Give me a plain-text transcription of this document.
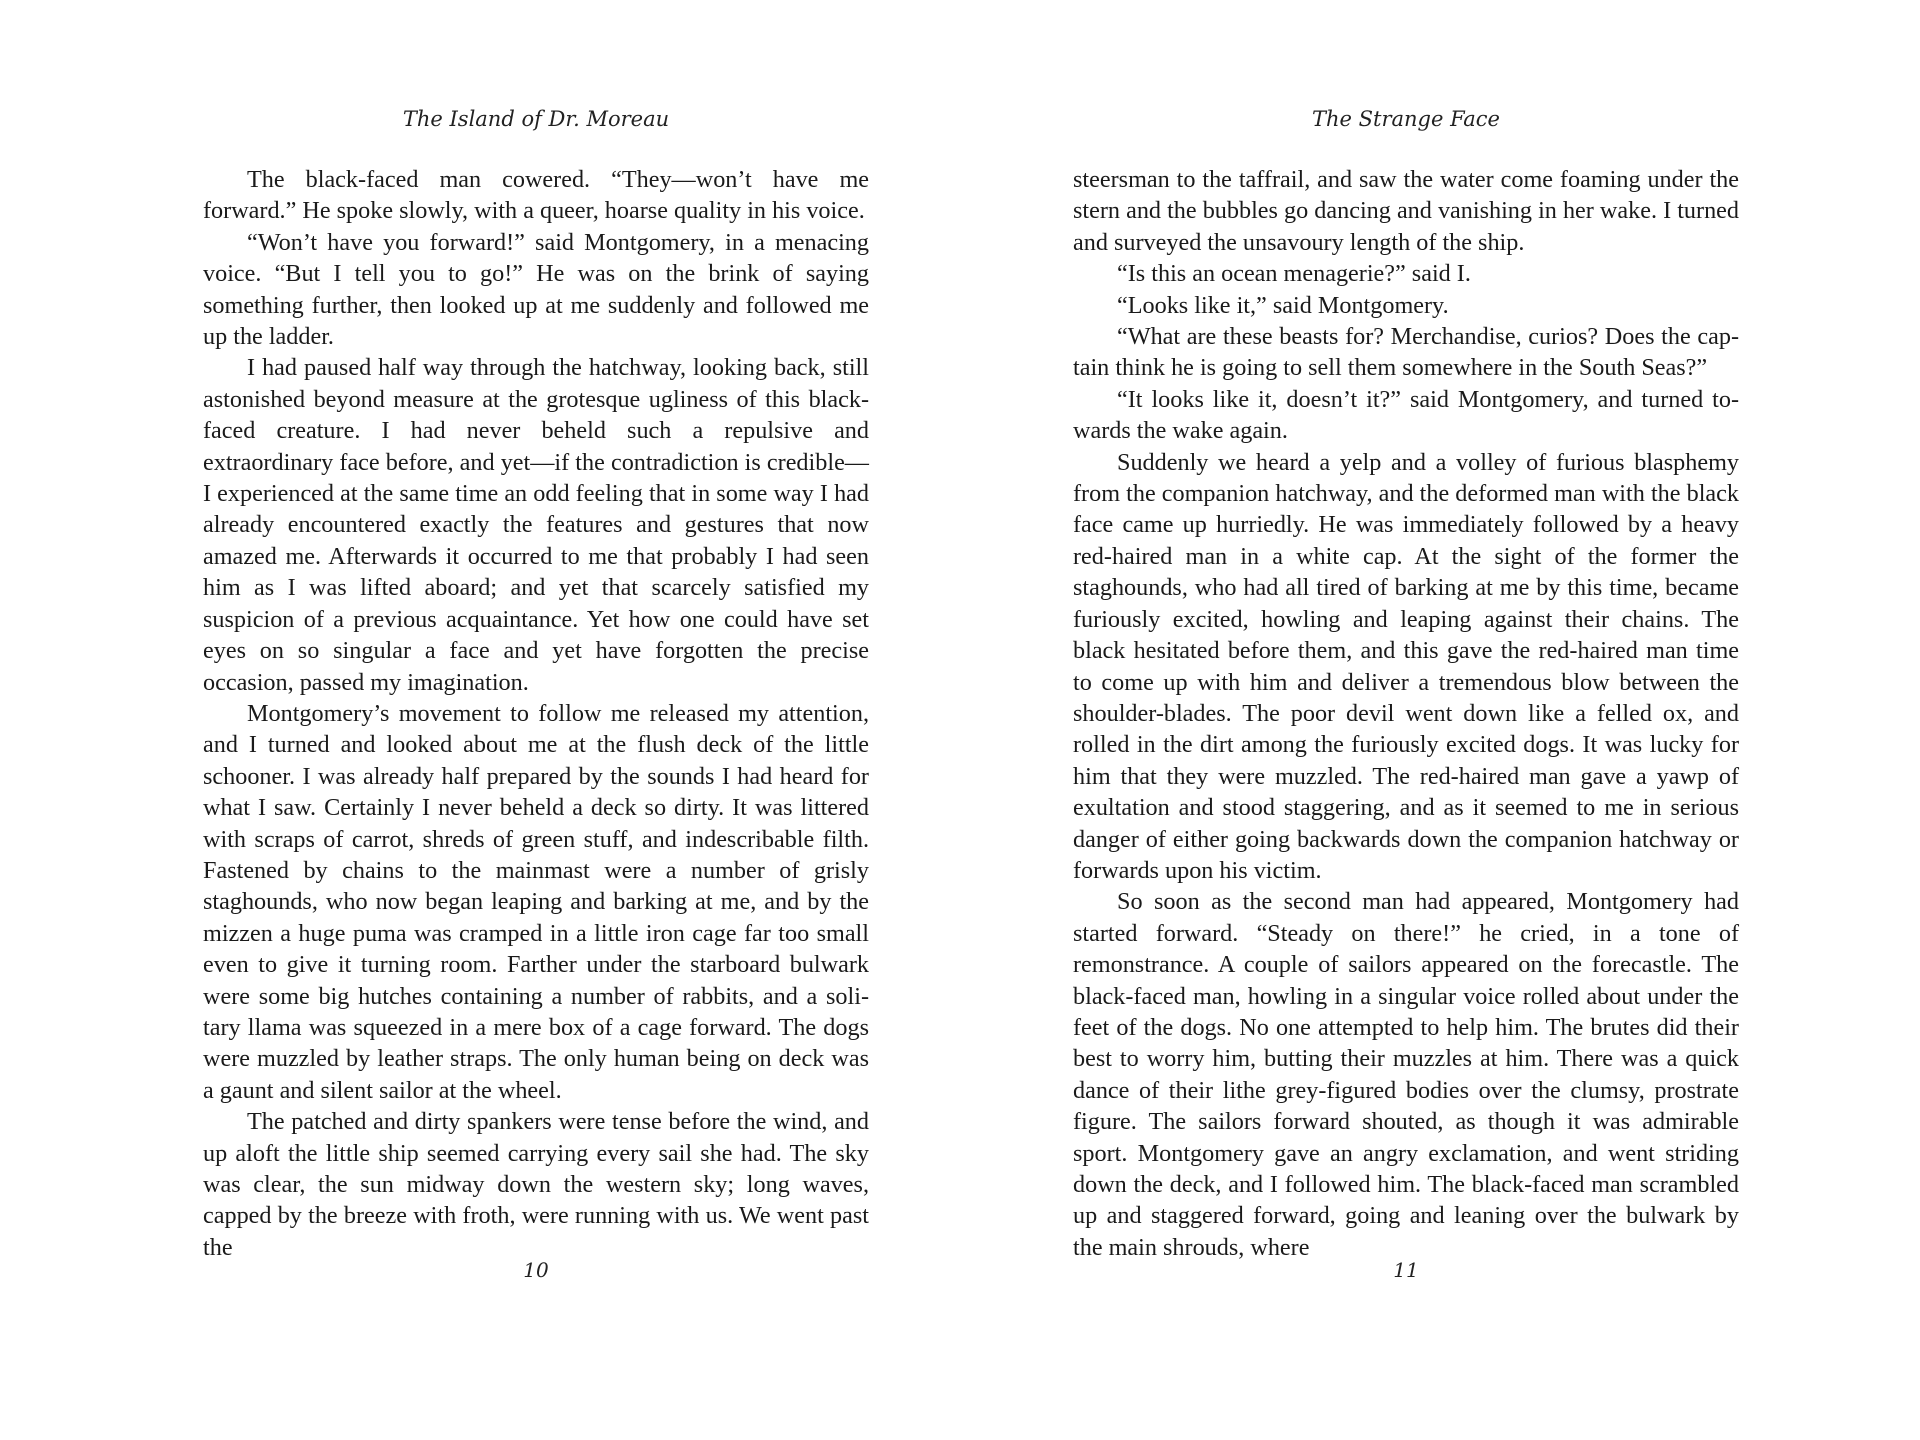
The Island of Dr. Moreau

The black-faced man cowered. “They—won’t have me forward.” He spoke slowly, with a queer, hoarse quality in his voice.

“Won’t have you forward!” said Montgomery, in a menacing voice. “But I tell you to go!” He was on the brink of saying something further, then looked up at me suddenly and followed me up the ladder.

I had paused half way through the hatchway, looking back, still astonished beyond measure at the grotesque ugliness of this black-faced creature. I had never beheld such a repulsive and extraordinary face before, and yet—if the contradiction is credible—I experienced at the same time an odd feeling that in some way I had already encountered exactly the features and gestures that now amazed me. Afterwards it occurred to me that probably I had seen him as I was lifted aboard; and yet that scarcely satisfied my suspicion of a previous acquaintance. Yet how one could have set eyes on so singular a face and yet have forgotten the precise occasion, passed my imagination.

Montgomery’s movement to follow me released my attention, and I turned and looked about me at the flush deck of the little schooner. I was already half prepared by the sounds I had heard for what I saw. Certainly I never beheld a deck so dirty. It was littered with scraps of carrot, shreds of green stuff, and indescribable filth. Fastened by chains to the mainmast were a number of grisly staghounds, who now began leaping and barking at me, and by the mizzen a huge puma was cramped in a little iron cage far too small even to give it turning room. Farther under the starboard bulwark were some big hutches containing a number of rabbits, and a solitary llama was squeezed in a mere box of a cage forward. The dogs were muzzled by leather straps. The only human being on deck was a gaunt and silent sailor at the wheel.

The patched and dirty spankers were tense before the wind, and up aloft the little ship seemed carrying every sail she had. The sky was clear, the sun midway down the western sky; long waves, capped by the breeze with froth, were running with us. We went past the

10
The Strange Face

steersman to the taffrail, and saw the water come foaming under the stern and the bubbles go dancing and vanishing in her wake. I turned and surveyed the unsavoury length of the ship.

“Is this an ocean menagerie?” said I.

“Looks like it,” said Montgomery.

“What are these beasts for? Merchandise, curios? Does the captain think he is going to sell them somewhere in the South Seas?”

“It looks like it, doesn’t it?” said Montgomery, and turned towards the wake again.

Suddenly we heard a yelp and a volley of furious blasphemy from the companion hatchway, and the deformed man with the black face came up hurriedly. He was immediately followed by a heavy red-haired man in a white cap. At the sight of the former the staghounds, who had all tired of barking at me by this time, became furiously excited, howling and leaping against their chains. The black hesitated before them, and this gave the red-haired man time to come up with him and deliver a tremendous blow between the shoulder-blades. The poor devil went down like a felled ox, and rolled in the dirt among the furiously excited dogs. It was lucky for him that they were muzzled. The red-haired man gave a yawp of exultation and stood staggering, and as it seemed to me in serious danger of either going backwards down the companion hatchway or forwards upon his victim.

So soon as the second man had appeared, Montgomery had started forward. “Steady on there!” he cried, in a tone of remonstrance. A couple of sailors appeared on the forecastle. The black-faced man, howling in a singular voice rolled about under the feet of the dogs. No one attempted to help him. The brutes did their best to worry him, butting their muzzles at him. There was a quick dance of their lithe grey-figured bodies over the clumsy, prostrate figure. The sailors forward shouted, as though it was admirable sport. Montgomery gave an angry exclamation, and went striding down the deck, and I followed him. The black-faced man scrambled up and staggered forward, going and leaning over the bulwark by the main shrouds, where

11
